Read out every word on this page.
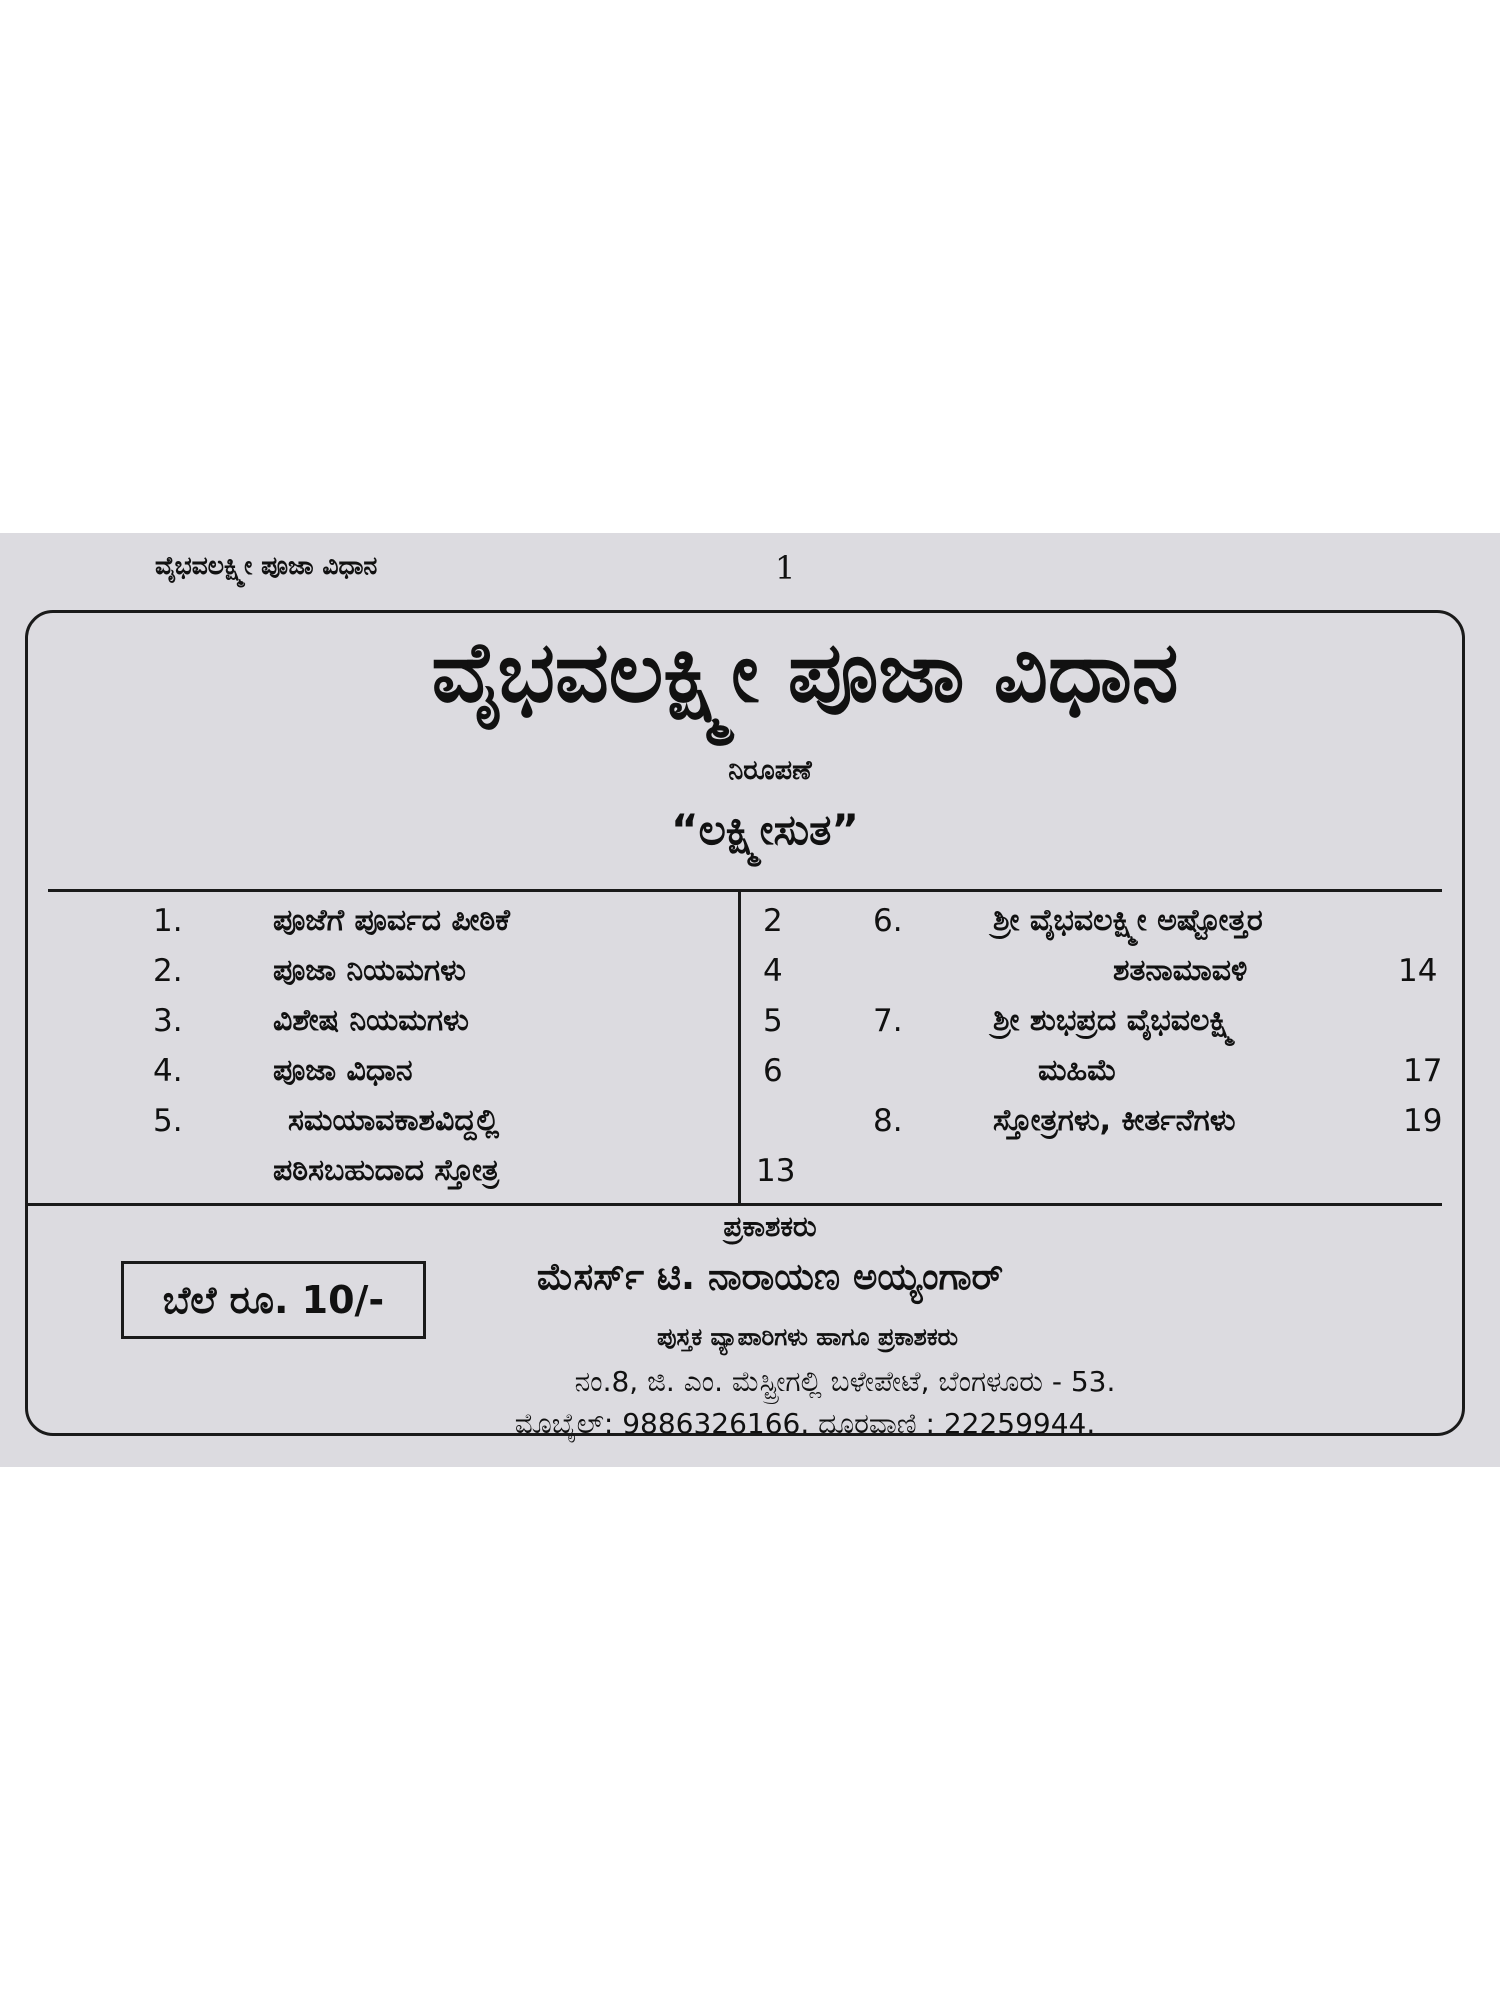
ವೈಭವಲಕ್ಷ್ಮೀ ಪೂಜಾ ವಿಧಾನ	1
ವೈಭವಲಕ್ಷ್ಮೀ ಪೂಜಾ ವಿಧಾನ
ನಿರೂಪಣೆ
“ಲಕ್ಷ್ಮೀಸುತ”
1.	ಪೂಜೆಗೆ ಪೂರ್ವದ ಪೀಠಿಕೆ	2
2.	ಪೂಜಾ ನಿಯಮಗಳು	4
3.	ವಿಶೇಷ ನಿಯಮಗಳು	5
4.	ಪೂಜಾ ವಿಧಾನ	6
5.	ಸಮಯಾವಕಾಶವಿದ್ದಲ್ಲಿ
ಪಠಿಸಬಹುದಾದ ಸ್ತೋತ್ರ	13
6.	ಶ್ರೀ ವೈಭವಲಕ್ಷ್ಮೀ ಅಷ್ಟೋತ್ತರ
ಶತನಾಮಾವಳಿ	14
7.	ಶ್ರೀ ಶುಭಪ್ರದ ವೈಭವಲಕ್ಷ್ಮಿ
ಮಹಿಮೆ	17
8.	ಸ್ತೋತ್ರಗಳು, ಕೀರ್ತನೆಗಳು	19
ಪ್ರಕಾಶಕರು
ಮೆಸರ್ಸ್ ಟಿ. ನಾರಾಯಣ ಅಯ್ಯಂಗಾರ್
ಬೆಲೆ ರೂ. 10/-
ಪುಸ್ತಕ ವ್ಯಾಪಾರಿಗಳು ಹಾಗೂ ಪ್ರಕಾಶಕರು
ನಂ.8, ಜಿ. ಎಂ. ಮೆಸ್ಟ್ರೀಗಲ್ಲಿ ಬಳೇಪೇಟೆ, ಬೆಂಗಳೂರು - 53.
ಮೊಬೈಲ್: 9886326166. ದೂರವಾಣಿ : 22259944.
